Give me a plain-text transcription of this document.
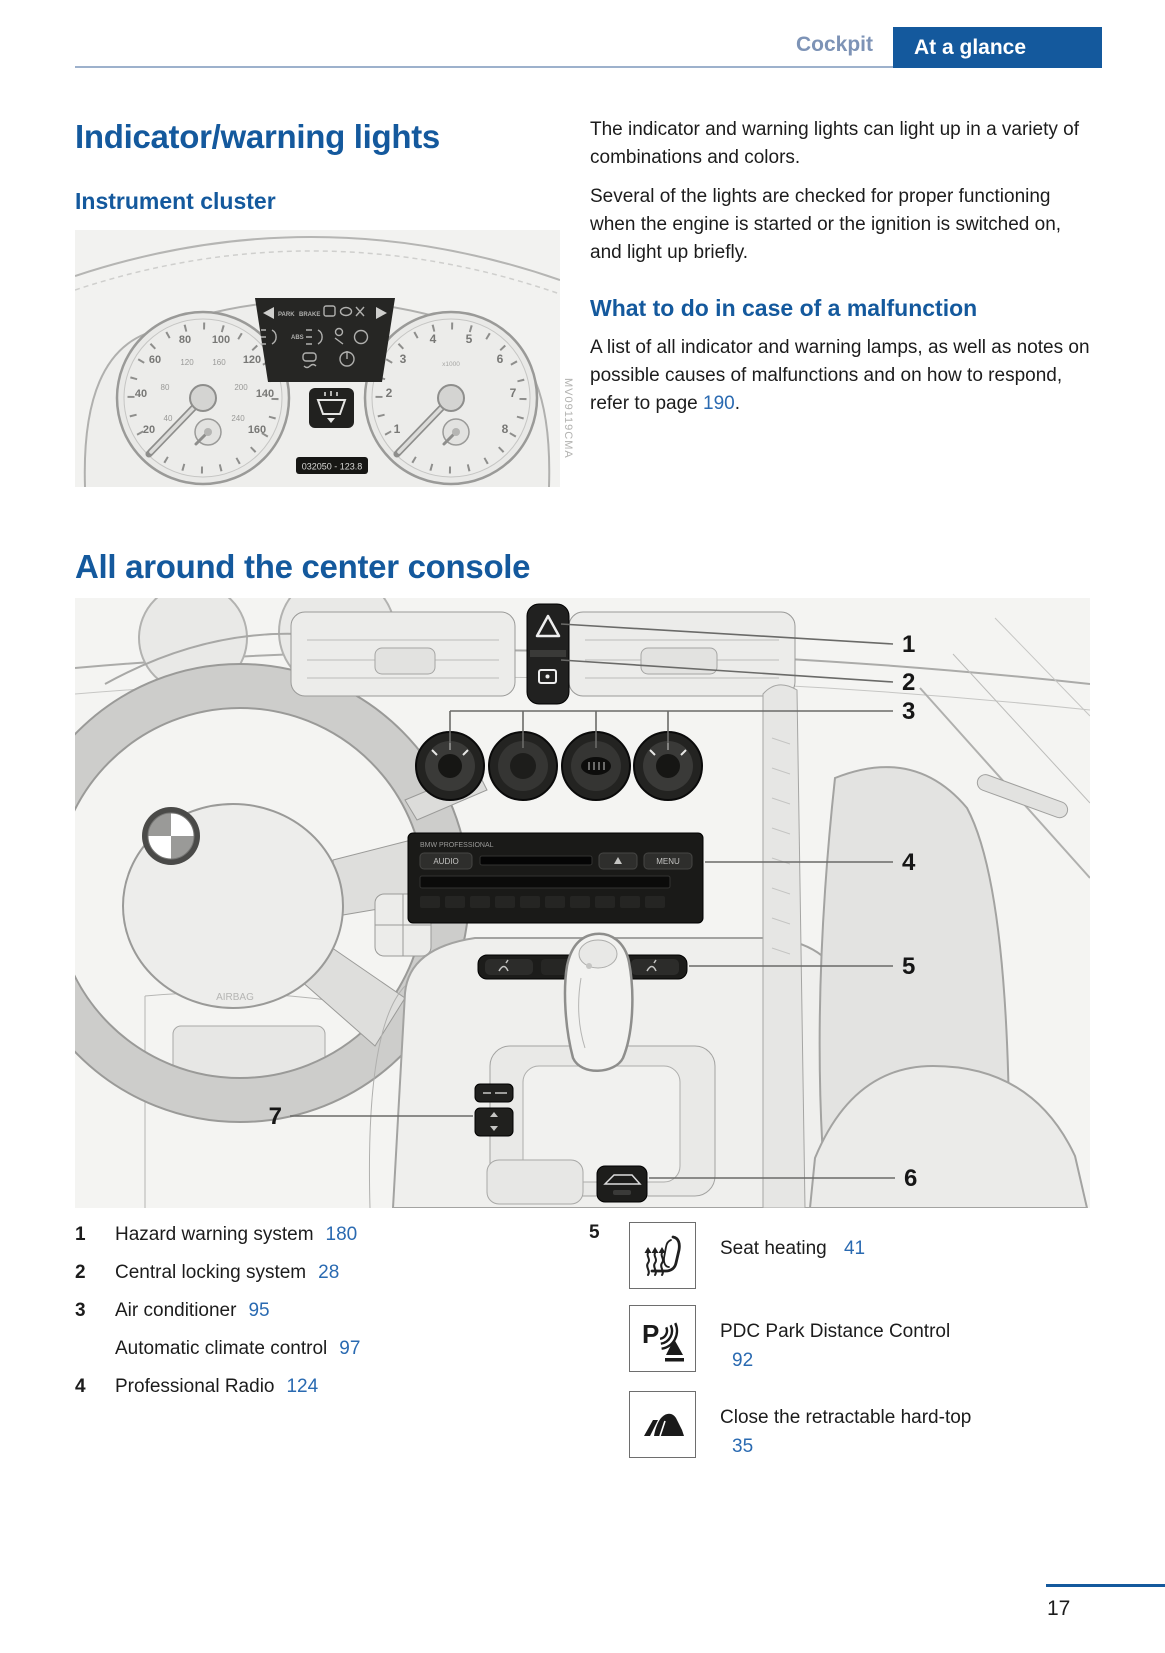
Cockpit	At a glance
Indicator/warning lights
Instrument cluster
20
40
60
80 100
120
140
160
40
80
120 160
200
240
1
2
3
4 5
6
7
8
x1000
PARK BRAKE
ABS
032050 - 123.8
MV09119CMA

The indicator and warning lights can light up in a variety of combinations and colors.

Several of the lights are checked for proper functioning when the engine is started or the ignition is switched on, and light up briefly.

What to do in case of a malfunction

A list of all indicator and warning lamps, as well as notes on possible causes of malfunctions and on how to respond, refer to page 190.

All around the center console
AIRBAG
BMW PROFESSIONAL
AUDIO	MENU
1
2
3
4
5
6
7
1	Hazard warning system 180
2	Central locking system 28
3	Air conditioner 95
Automatic climate control 97
4	Professional Radio 124
5
Seat heating 41
P	PDC Park Distance Control 92
Close the retractable hard-top 35
17
